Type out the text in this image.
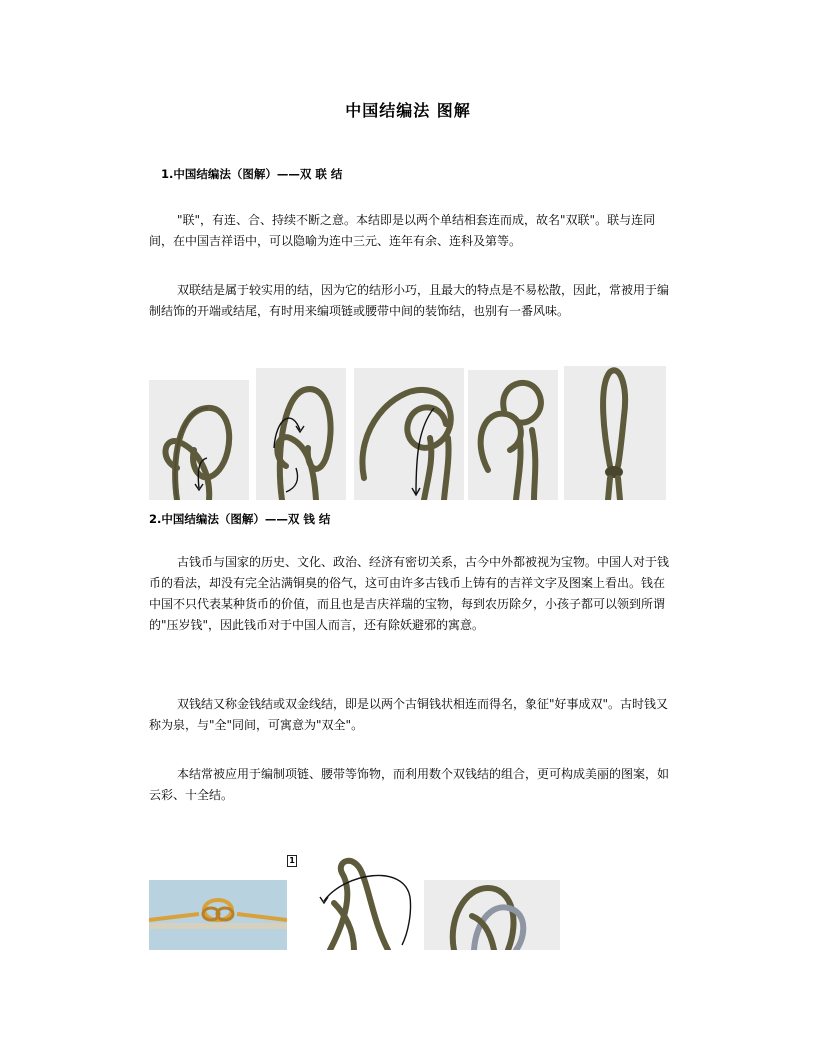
中国结编法 图解
1.中国结编法（图解）——双 联 结

"联"，有连、合、持续不断之意。本结即是以两个单结相套连而成，故名"双联"。联与连同间，在中国吉祥语中，可以隐喻为连中三元、连年有余、连科及第等。

双联结是属于较实用的结，因为它的结形小巧，且最大的特点是不易松散，因此，常被用于编制结饰的开端或结尾，有时用来编项链或腰带中间的装饰结，也别有一番风味。

2.中国结编法（图解）——双 钱 结

古钱币与国家的历史、文化、政治、经济有密切关系，古今中外都被视为宝物。中国人对于钱币的看法，却没有完全沾满铜臭的俗气，这可由许多古钱币上铸有的吉祥文字及图案上看出。钱在中国不只代表某种货币的价值，而且也是吉庆祥瑞的宝物，每到农历除夕，小孩子都可以领到所谓的"压岁钱"，因此钱币对于中国人而言，还有除妖避邪的寓意。

双钱结又称金钱结或双金线结，即是以两个古铜钱状相连而得名，象征"好事成双"。古时钱又称为泉，与"全"同间，可寓意为"双全"。

本结常被应用于编制项链、腰带等饰物，而利用数个双钱结的组合，更可构成美丽的图案，如云彩、十全结。

1
